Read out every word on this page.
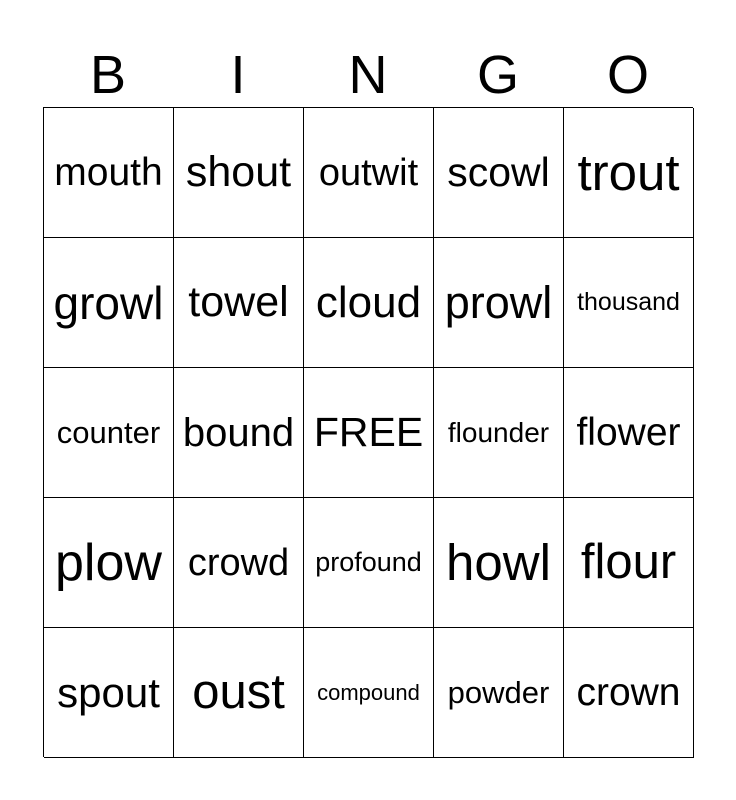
B	I	N	G	O
mouth shout outwit scowl trout
growl towel cloud prowl thousand
counter bound FREE flounder flower
plow crowd profound howl flour
spout oust	compound powder crown
